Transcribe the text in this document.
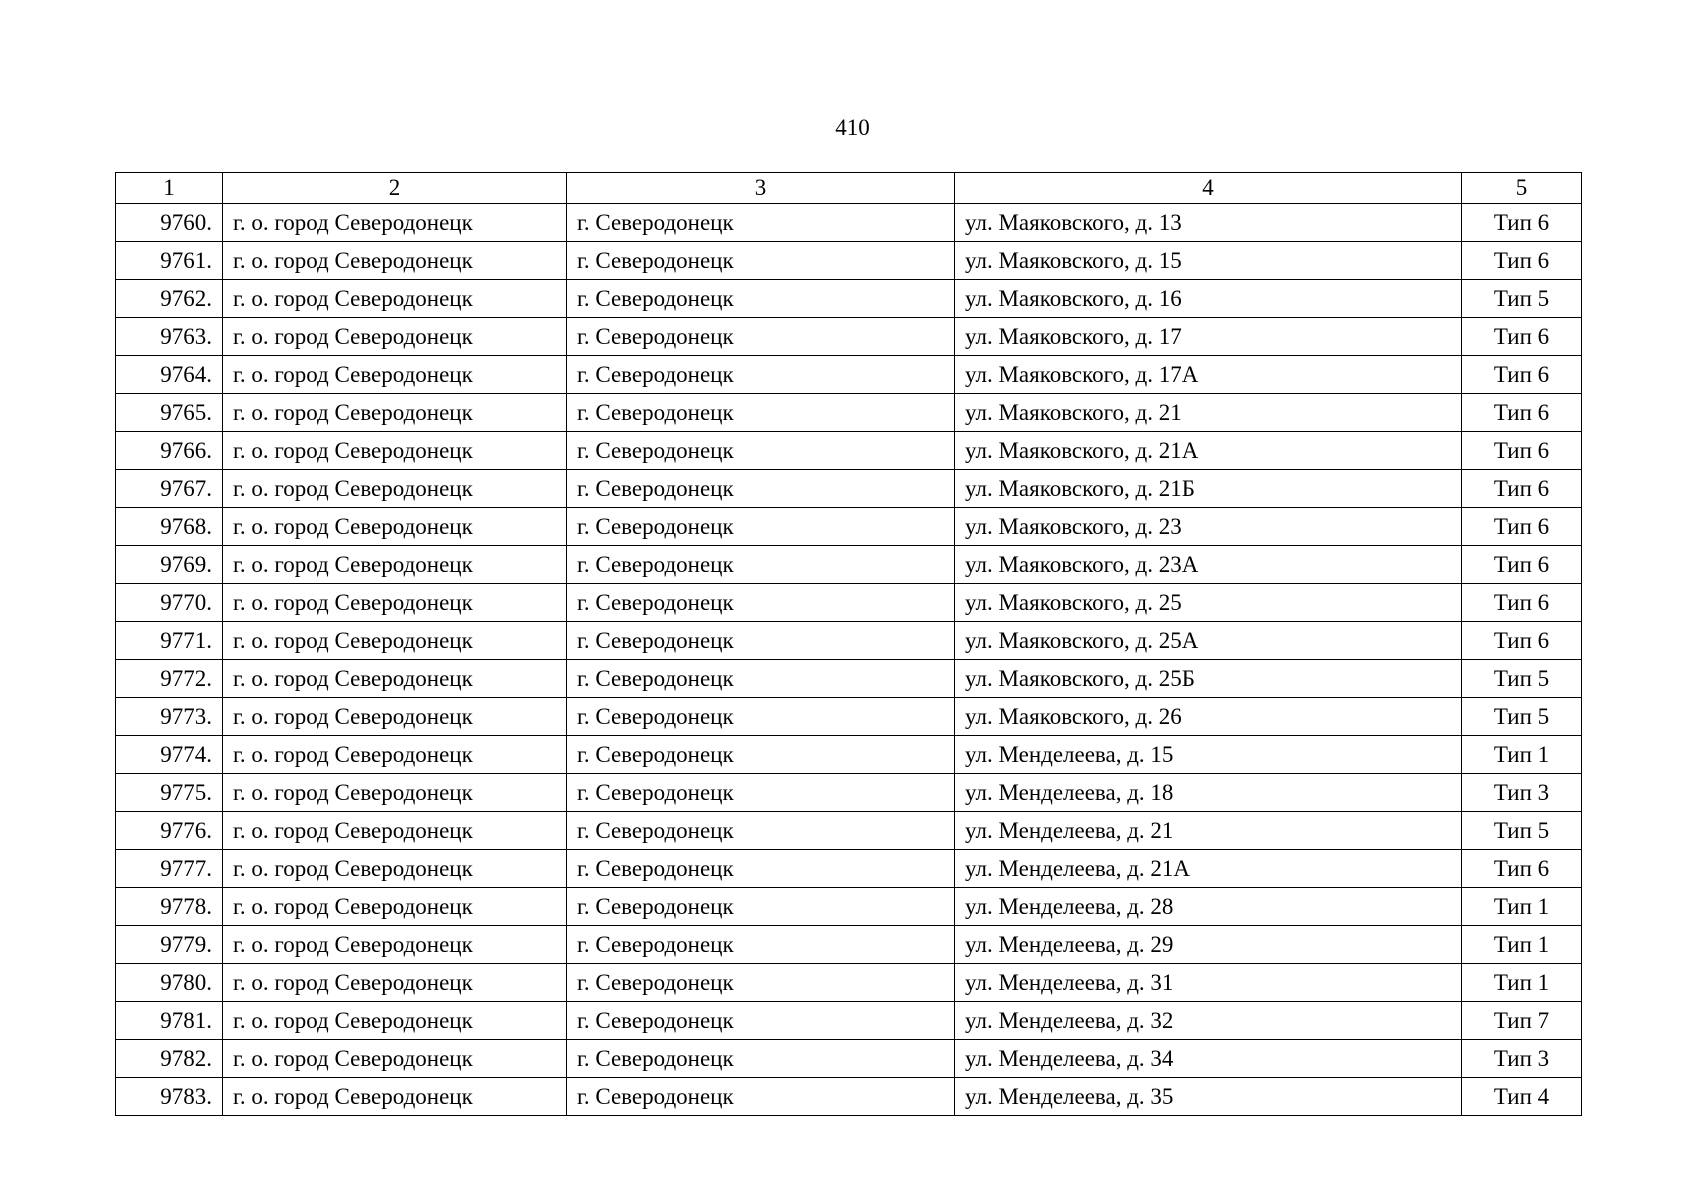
410
1	2	3	4	5
9760.	г. о. город Северодонецк	г. Северодонецк	ул. Маяковского, д. 13	Тип 6
9761.	г. о. город Северодонецк	г. Северодонецк	ул. Маяковского, д. 15	Тип 6
9762.	г. о. город Северодонецк	г. Северодонецк	ул. Маяковского, д. 16	Тип 5
9763.	г. о. город Северодонецк	г. Северодонецк	ул. Маяковского, д. 17	Тип 6
9764.	г. о. город Северодонецк	г. Северодонецк	ул. Маяковского, д. 17А	Тип 6
9765.	г. о. город Северодонецк	г. Северодонецк	ул. Маяковского, д. 21	Тип 6
9766.	г. о. город Северодонецк	г. Северодонецк	ул. Маяковского, д. 21А	Тип 6
9767.	г. о. город Северодонецк	г. Северодонецк	ул. Маяковского, д. 21Б	Тип 6
9768.	г. о. город Северодонецк	г. Северодонецк	ул. Маяковского, д. 23	Тип 6
9769.	г. о. город Северодонецк	г. Северодонецк	ул. Маяковского, д. 23А	Тип 6
9770.	г. о. город Северодонецк	г. Северодонецк	ул. Маяковского, д. 25	Тип 6
9771.	г. о. город Северодонецк	г. Северодонецк	ул. Маяковского, д. 25А	Тип 6
9772.	г. о. город Северодонецк	г. Северодонецк	ул. Маяковского, д. 25Б	Тип 5
9773.	г. о. город Северодонецк	г. Северодонецк	ул. Маяковского, д. 26	Тип 5
9774.	г. о. город Северодонецк	г. Северодонецк	ул. Менделеева, д. 15	Тип 1
9775.	г. о. город Северодонецк	г. Северодонецк	ул. Менделеева, д. 18	Тип 3
9776.	г. о. город Северодонецк	г. Северодонецк	ул. Менделеева, д. 21	Тип 5
9777.	г. о. город Северодонецк	г. Северодонецк	ул. Менделеева, д. 21А	Тип 6
9778.	г. о. город Северодонецк	г. Северодонецк	ул. Менделеева, д. 28	Тип 1
9779.	г. о. город Северодонецк	г. Северодонецк	ул. Менделеева, д. 29	Тип 1
9780.	г. о. город Северодонецк	г. Северодонецк	ул. Менделеева, д. 31	Тип 1
9781.	г. о. город Северодонецк	г. Северодонецк	ул. Менделеева, д. 32	Тип 7
9782.	г. о. город Северодонецк	г. Северодонецк	ул. Менделеева, д. 34	Тип 3
9783.	г. о. город Северодонецк	г. Северодонецк	ул. Менделеева, д. 35	Тип 4
